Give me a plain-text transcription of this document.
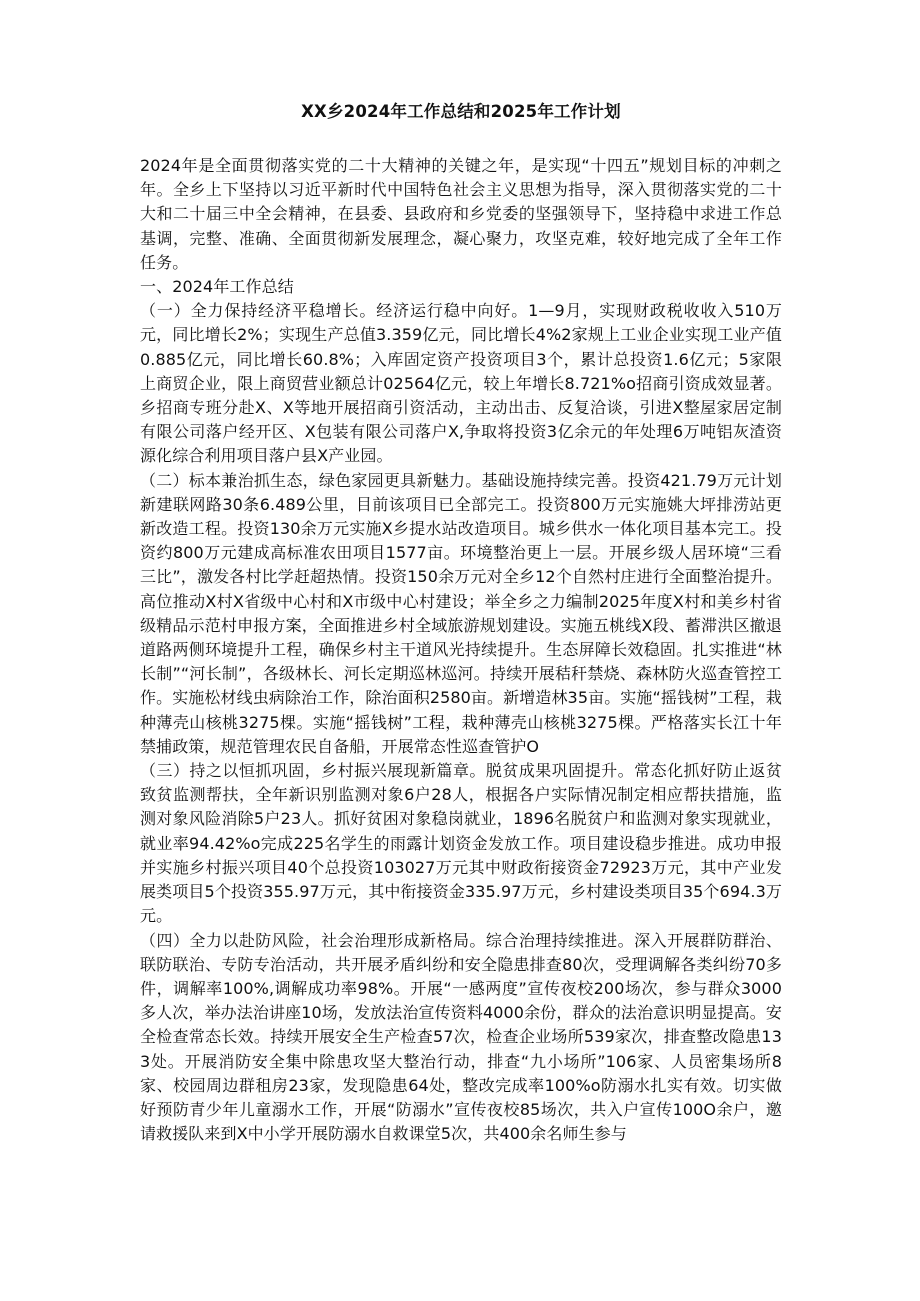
XX乡2024年工作总结和2025年工作计划

2024年是全面贯彻落实党的二十大精神的关键之年，是实现“十四五”规划目标的冲刺之年。全乡上下坚持以习近平新时代中国特色社会主义思想为指导，深入贯彻落实党的二十大和二十届三中全会精神，在县委、县政府和乡党委的坚强领导下，坚持稳中求进工作总基调，完整、准确、全面贯彻新发展理念，凝心聚力，攻坚克难，较好地完成了全年工作任务。

一、2024年工作总结

（一）全力保持经济平稳增长。经济运行稳中向好。1—9月，实现财政税收收入510万元，同比增长2%；实现生产总值3.359亿元，同比增长4%2家规上工业企业实现工业产值0.885亿元，同比增长60.8%；入库固定资产投资项目3个，累计总投资1.6亿元；5家限上商贸企业，限上商贸营业额总计02564亿元，较上年增长8.721%o招商引资成效显著。乡招商专班分赴X、X等地开展招商引资活动，主动出击、反复洽谈，引进X整屋家居定制有限公司落户经开区、X包装有限公司落户X,争取将投资3亿余元的年处理6万吨铝灰渣资源化综合利用项目落户县X产业园。

（二）标本兼治抓生态，绿色家园更具新魅力。基础设施持续完善。投资421.79万元计划新建联网路30条6.489公里，目前该项目已全部完工。投资800万元实施姚大坪排涝站更新改造工程。投资130余万元实施X乡提水站改造项目。城乡供水一体化项目基本完工。投资约800万元建成高标准农田项目1577亩。环境整治更上一层。开展乡级人居环境“三看三比”，激发各村比学赶超热情。投资150余万元对全乡12个自然村庄进行全面整治提升。高位推动X村X省级中心村和X市级中心村建设；举全乡之力编制2025年度X村和美乡村省级精品示范村申报方案，全面推进乡村全域旅游规划建设。实施五桃线X段、蓄滞洪区撤退道路两侧环境提升工程，确保乡村主干道风光持续提升。生态屏障长效稳固。扎实推进“林长制”“河长制”，各级林长、河长定期巡林巡河。持续开展秸秆禁烧、森林防火巡查管控工作。实施松材线虫病除治工作，除治面积2580亩。新增造林35亩。实施“摇钱树”工程，栽种薄壳山核桃3275棵。实施“摇钱树”工程，栽种薄壳山核桃3275棵。严格落实长江十年禁捕政策，规范管理农民自备船，开展常态性巡查管护O

（三）持之以恒抓巩固，乡村振兴展现新篇章。脱贫成果巩固提升。常态化抓好防止返贫致贫监测帮扶，全年新识别监测对象6户28人，根据各户实际情况制定相应帮扶措施，监测对象风险消除5户23人。抓好贫困对象稳岗就业，1896名脱贫户和监测对象实现就业，就业率94.42%o完成225名学生的雨露计划资金发放工作。项目建设稳步推进。成功申报并实施乡村振兴项目40个总投资103027万元其中财政衔接资金72923万元，其中产业发展类项目5个投资355.97万元，其中衔接资金335.97万元，乡村建设类项目35个694.3万元。

（四）全力以赴防风险，社会治理形成新格局。综合治理持续推进。深入开展群防群治、联防联治、专防专治活动，共开展矛盾纠纷和安全隐患排查80次，受理调解各类纠纷70多件，调解率100%,调解成功率98%。开展“一感两度”宣传夜校200场次，参与群众3000多人次，举办法治讲座10场，发放法治宣传资料4000余份，群众的法治意识明显提高。安全检查常态长效。持续开展安全生产检查57次，检查企业场所539家次，排查整改隐患133处。开展消防安全集中除患攻坚大整治行动，排查“九小场所”106家、人员密集场所8家、校园周边群租房23家，发现隐患64处，整改完成率100%o防溺水扎实有效。切实做好预防青少年儿童溺水工作，开展“防溺水”宣传夜校85场次，共入户宣传100O余户，邀请救援队来到X中小学开展防溺水自救课堂5次，共400余名师生参与
